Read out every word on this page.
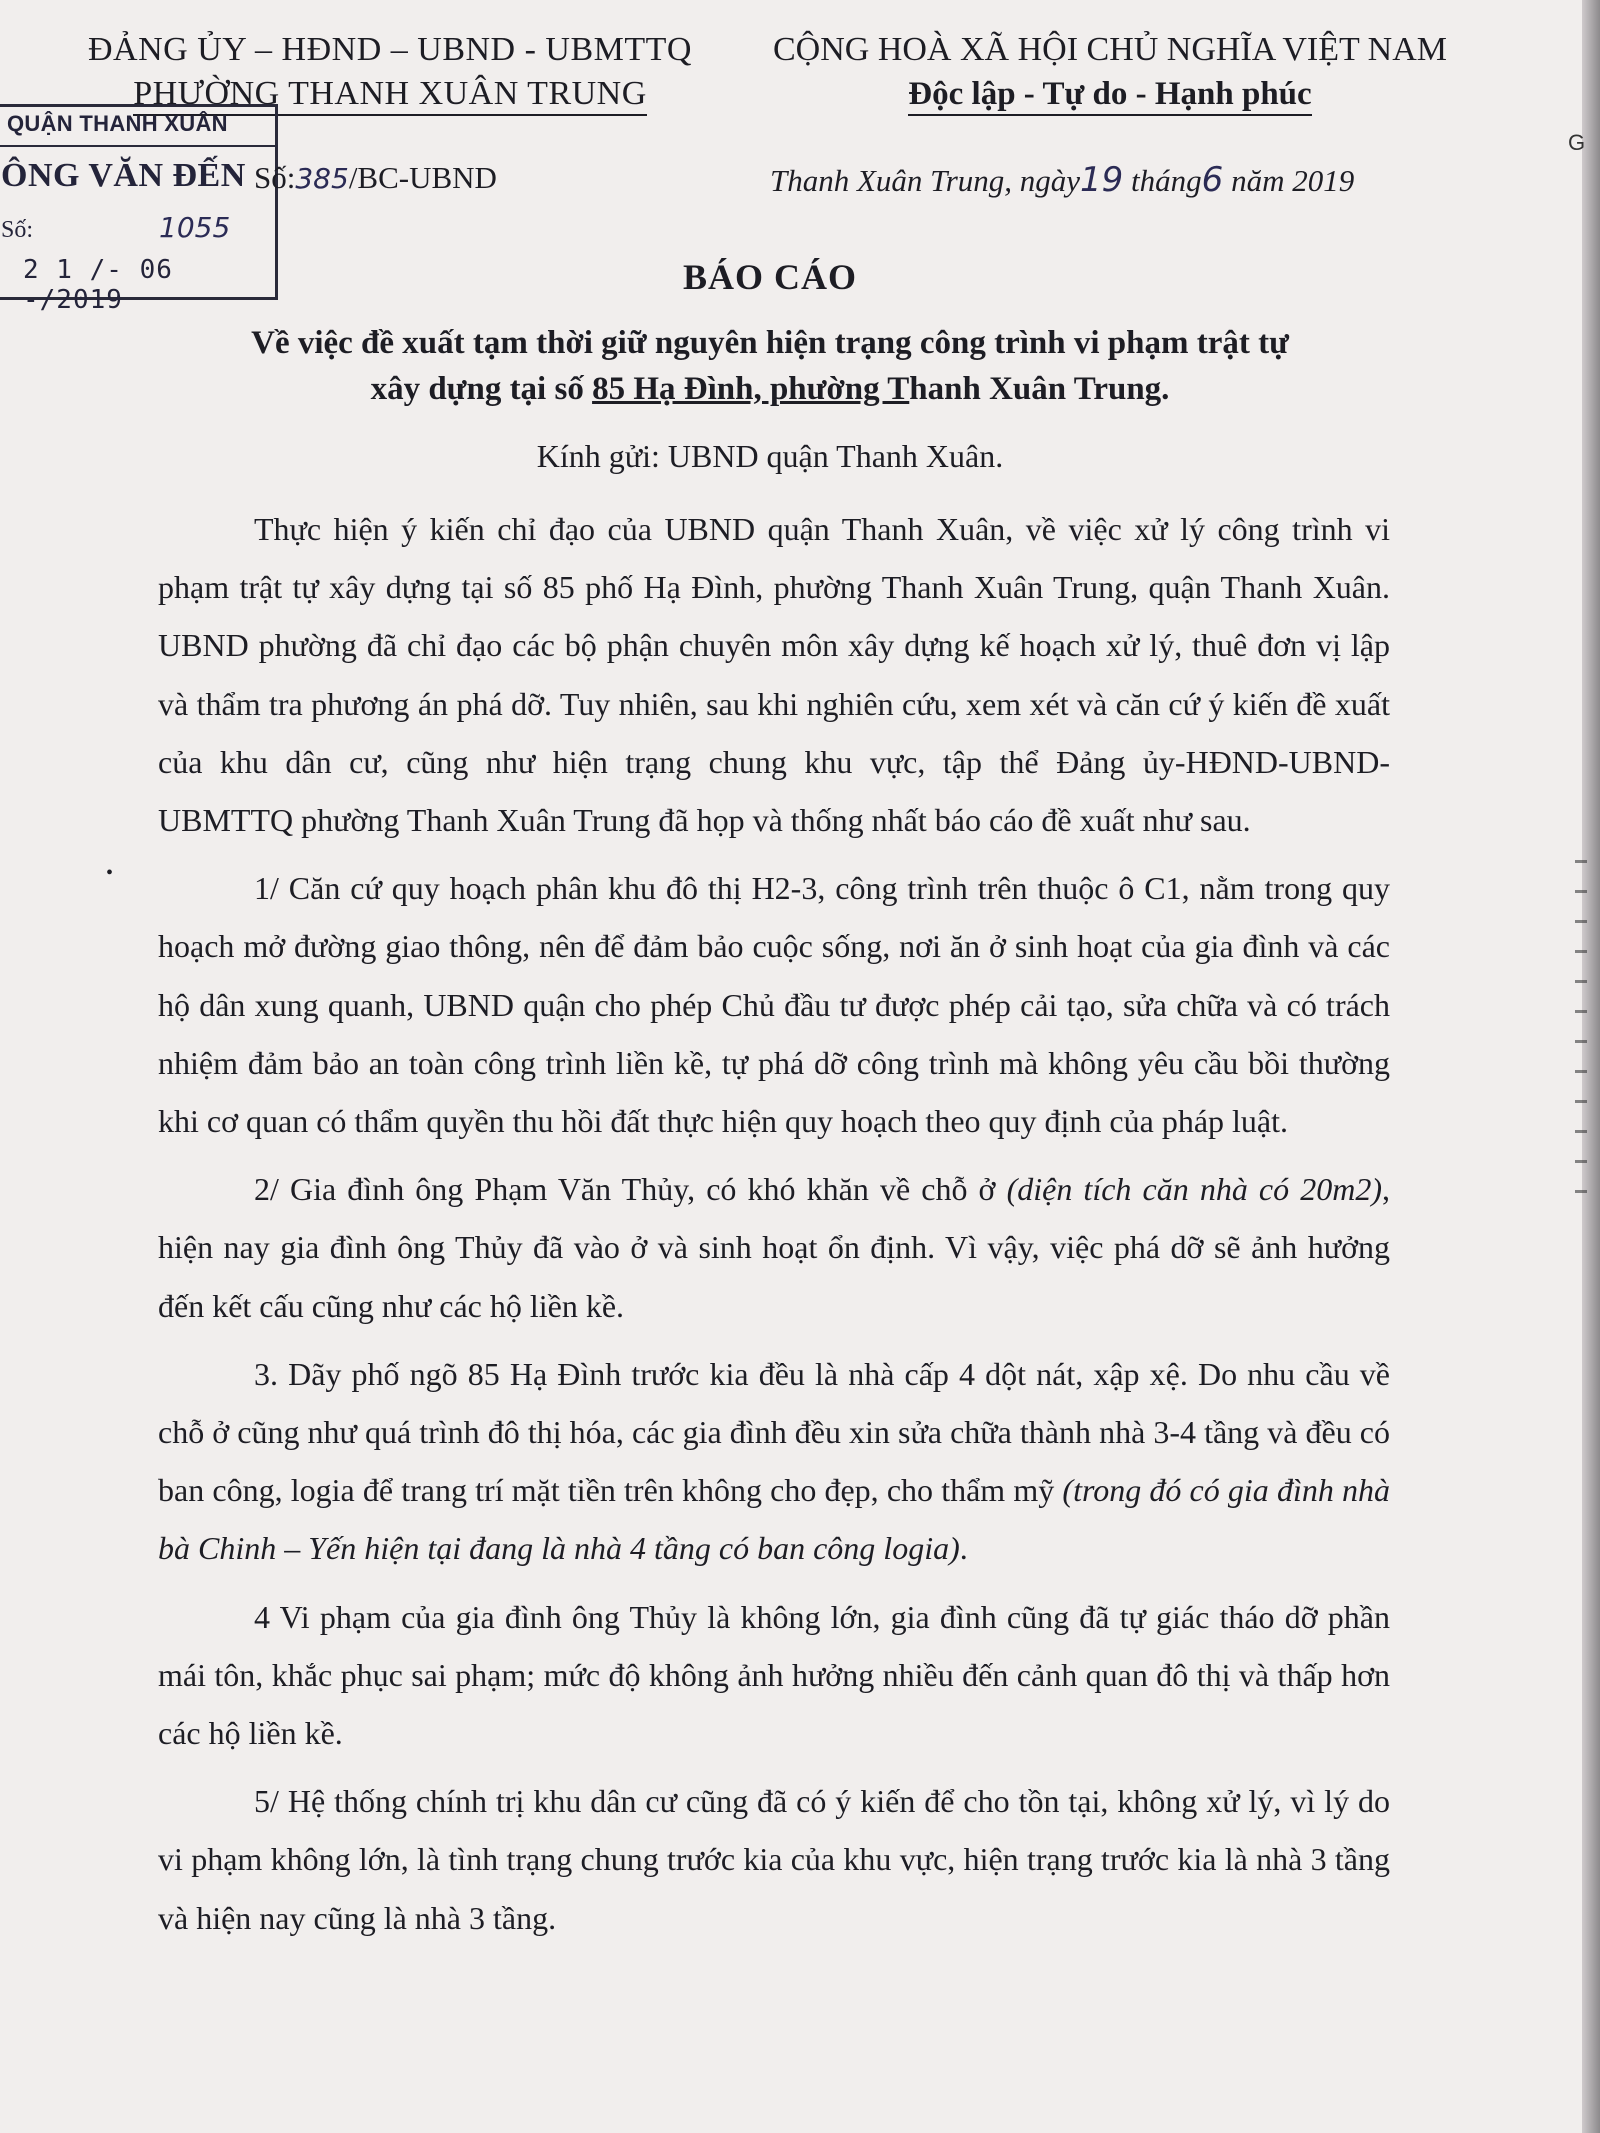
ĐẢNG ỦY – HĐND – UBND - UBMTTQ
PHƯỜNG THANH XUÂN TRUNG
CỘNG HOÀ XÃ HỘI CHỦ NGHĨA VIỆT NAM
Độc lập - Tự do - Hạnh phúc
QUẬN THANH XUÂN
ÔNG VĂN ĐẾN
Số:	1055
2 1 /- 06 -/2019
Số:385/BC-UBND	Thanh Xuân Trung, ngày19 tháng6 năm 2019
BÁO CÁO
Về việc đề xuất tạm thời giữ nguyên hiện trạng công trình vi phạm trật tự
xây dựng tại số 85 Hạ Đình, phường Thanh Xuân Trung.
Kính gửi: UBND quận Thanh Xuân.
•

Thực hiện ý kiến chỉ đạo của UBND quận Thanh Xuân, về việc xử lý công trình vi phạm trật tự xây dựng tại số 85 phố Hạ Đình, phường Thanh Xuân Trung, quận Thanh Xuân. UBND phường đã chỉ đạo các bộ phận chuyên môn xây dựng kế hoạch xử lý, thuê đơn vị lập và thẩm tra phương án phá dỡ. Tuy nhiên, sau khi nghiên cứu, xem xét và căn cứ ý kiến đề xuất của khu dân cư, cũng như hiện trạng chung khu vực, tập thể Đảng ủy-HĐND-UBND-UBMTTQ phường Thanh Xuân Trung đã họp và thống nhất báo cáo đề xuất như sau.

1/ Căn cứ quy hoạch phân khu đô thị H2-3, công trình trên thuộc ô C1, nằm trong quy hoạch mở đường giao thông, nên để đảm bảo cuộc sống, nơi ăn ở sinh hoạt của gia đình và các hộ dân xung quanh, UBND quận cho phép Chủ đầu tư được phép cải tạo, sửa chữa và có trách nhiệm đảm bảo an toàn công trình liền kề, tự phá dỡ công trình mà không yêu cầu bồi thường khi cơ quan có thẩm quyền thu hồi đất thực hiện quy hoạch theo quy định của pháp luật.

2/ Gia đình ông Phạm Văn Thủy, có khó khăn về chỗ ở (diện tích căn nhà có 20m2), hiện nay gia đình ông Thủy đã vào ở và sinh hoạt ổn định. Vì vậy, việc phá dỡ sẽ ảnh hưởng đến kết cấu cũng như các hộ liền kề.

3. Dãy phố ngõ 85 Hạ Đình trước kia đều là nhà cấp 4 dột nát, xập xệ. Do nhu cầu về chỗ ở cũng như quá trình đô thị hóa, các gia đình đều xin sửa chữa thành nhà 3-4 tầng và đều có ban công, logia để trang trí mặt tiền trên không cho đẹp, cho thẩm mỹ (trong đó có gia đình nhà bà Chinh – Yến hiện tại đang là nhà 4 tầng có ban công logia).

4 Vi phạm của gia đình ông Thủy là không lớn, gia đình cũng đã tự giác tháo dỡ phần mái tôn, khắc phục sai phạm; mức độ không ảnh hưởng nhiều đến cảnh quan đô thị và thấp hơn các hộ liền kề.

5/ Hệ thống chính trị khu dân cư cũng đã có ý kiến để cho tồn tại, không xử lý, vì lý do vi phạm không lớn, là tình trạng chung trước kia của khu vực, hiện trạng trước kia là nhà 3 tầng và hiện nay cũng là nhà 3 tầng.

G
